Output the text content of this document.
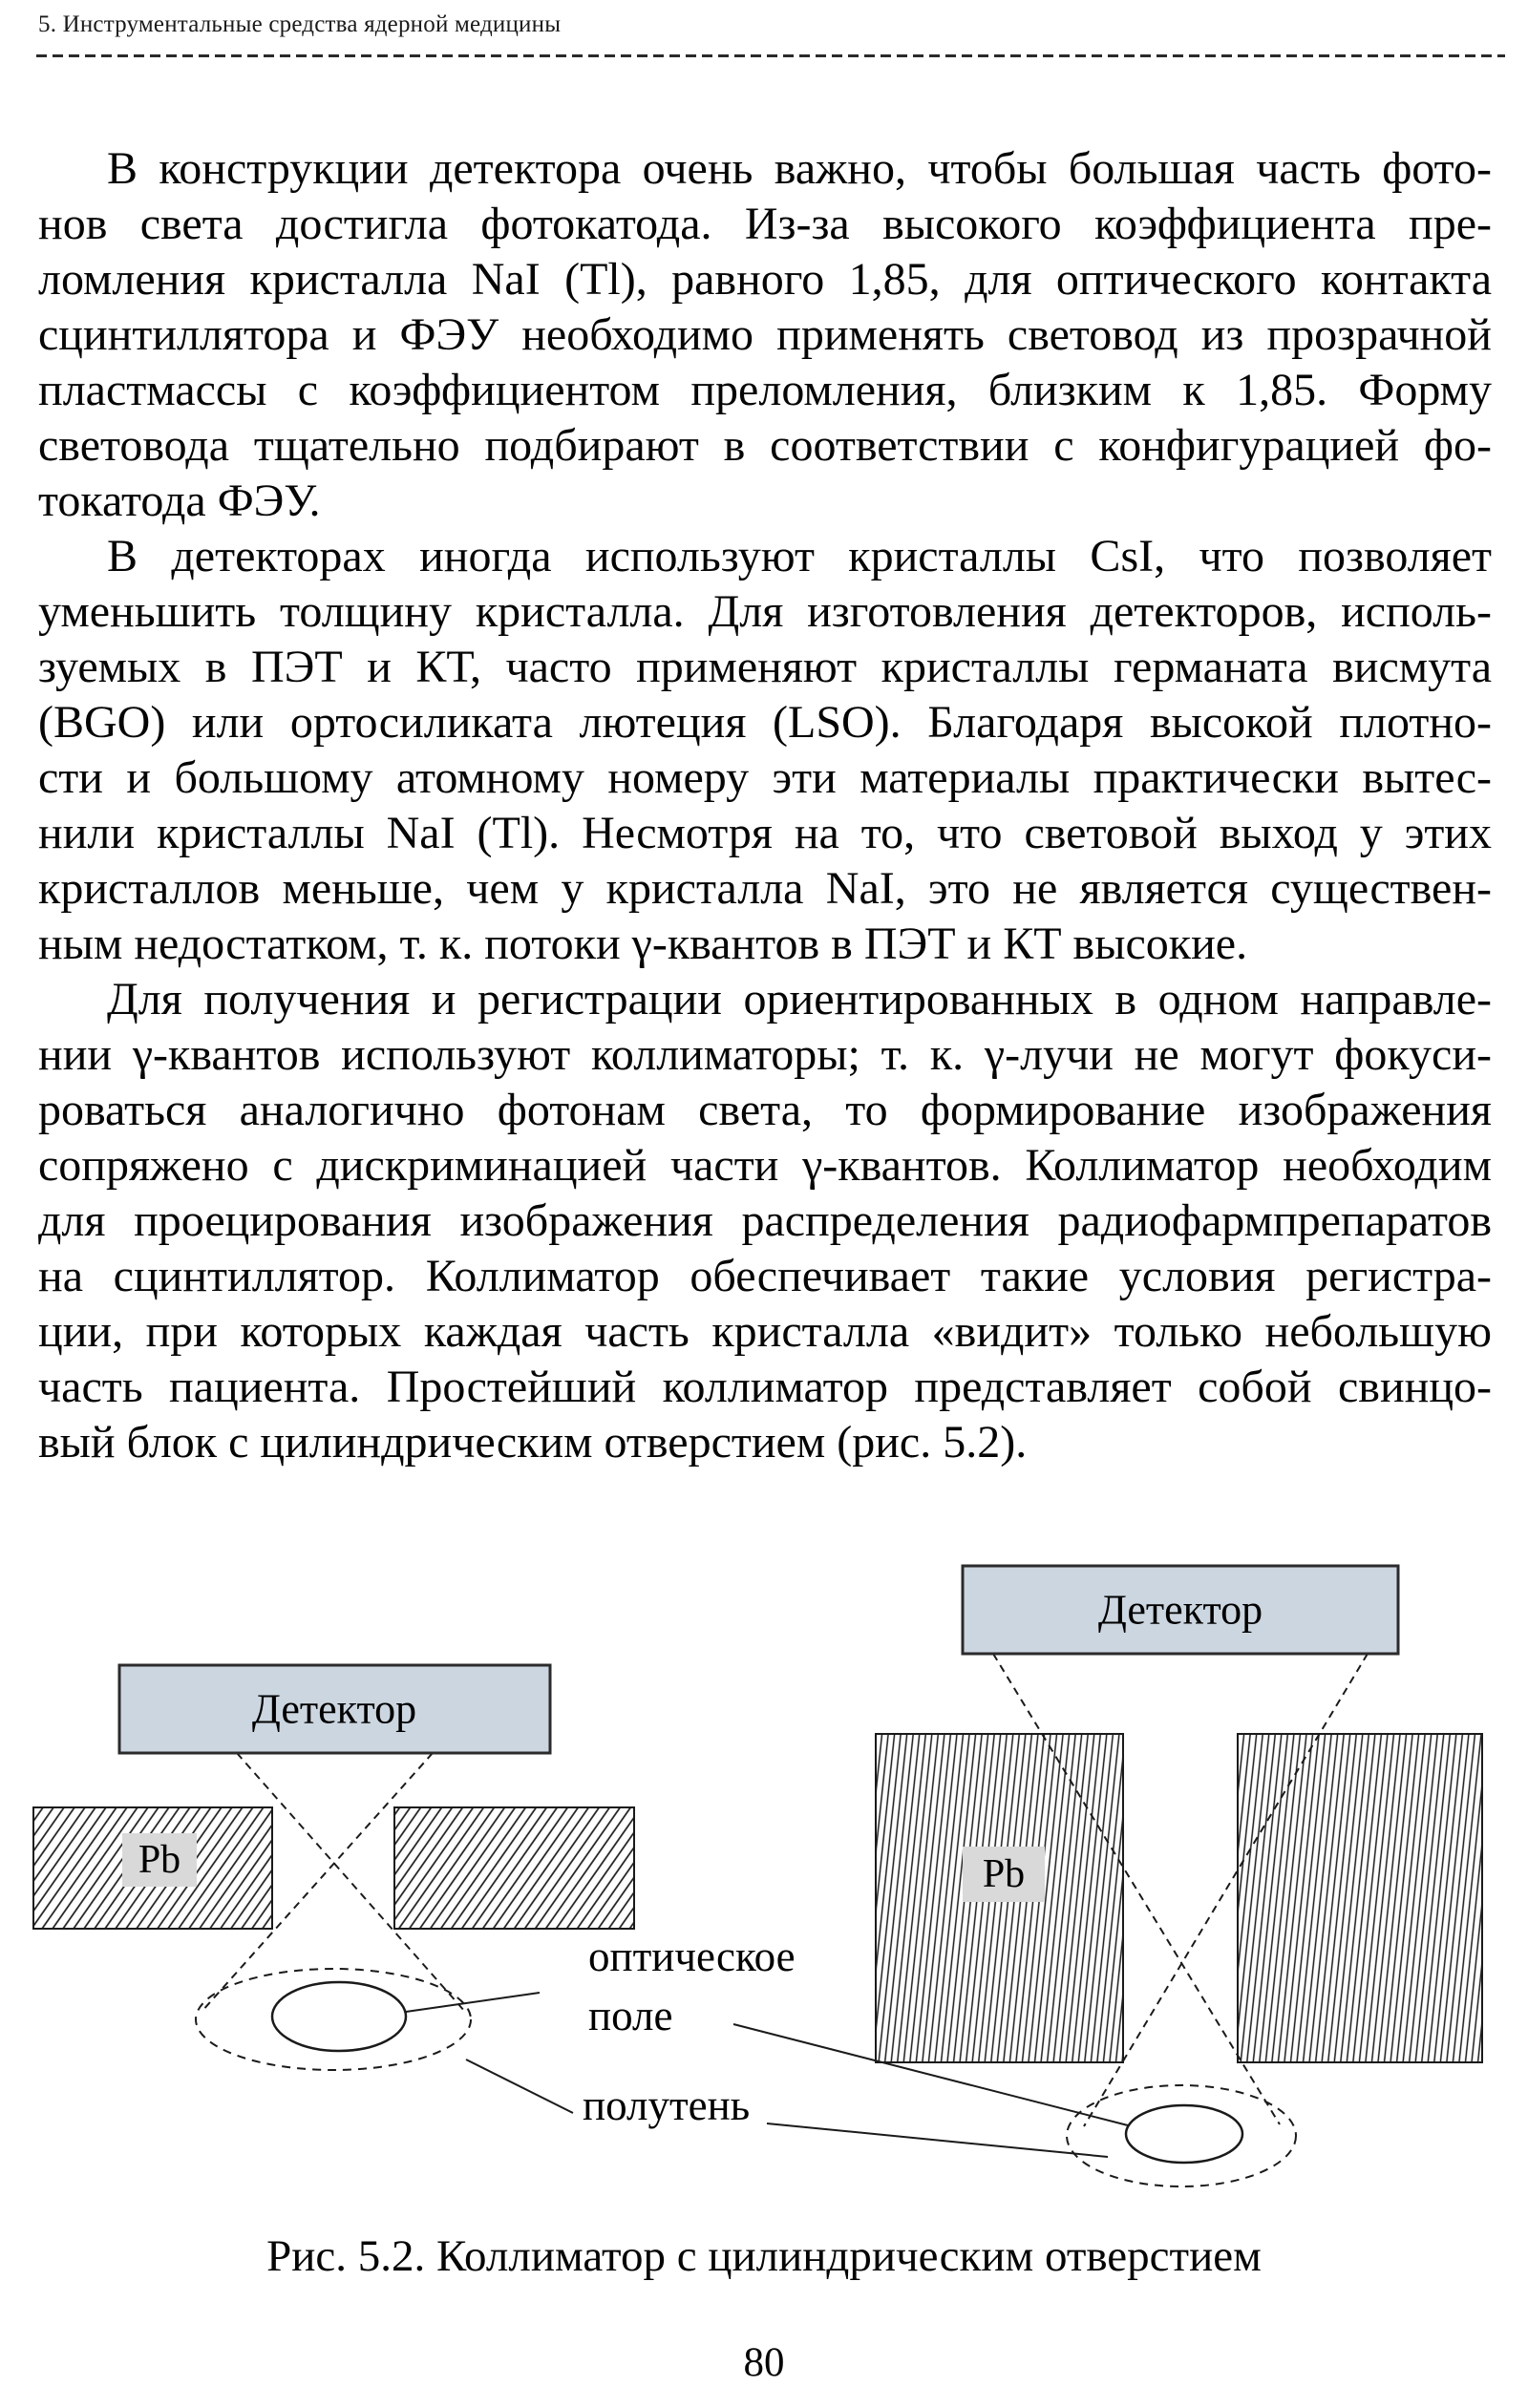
5. Инструментальные средства ядерной медицины
В конструкции детектора очень важно, чтобы большая часть фото-
нов света достигла фотокатода. Из-за высокого коэффициента пре-
ломления кристалла NaI (Tl), равного 1,85, для оптического контакта
сцинтиллятора и ФЭУ необходимо применять световод из прозрачной
пластмассы с коэффициентом преломления, близким к 1,85. Форму
световода тщательно подбирают в соответствии с конфигурацией фо-
токатода ФЭУ.
В детекторах иногда используют кристаллы CsI, что позволяет
уменьшить толщину кристалла. Для изготовления детекторов, исполь-
зуемых в ПЭТ и КТ, часто применяют кристаллы германата висмута
(BGO) или ортосиликата лютеция (LSO). Благодаря высокой плотно-
сти и большому атомному номеру эти материалы практически вытес-
нили кристаллы NaI (Tl). Несмотря на то, что световой выход у этих
кристаллов меньше, чем у кристалла NaI, это не является существен-
ным недостатком, т. к. потоки γ-квантов в ПЭТ и КТ высокие.
Для получения и регистрации ориентированных в одном направле-
нии γ-квантов используют коллиматоры; т. к. γ-лучи не могут фокуси-
роваться аналогично фотонам света, то формирование изображения
сопряжено с дискриминацией части γ-квантов. Коллиматор необходим
для проецирования изображения распределения радиофармпрепаратов
на сцинтиллятор. Коллиматор обеспечивает такие условия регистра-
ции, при которых каждая часть кристалла «видит» только небольшую
часть пациента. Простейший коллиматор представляет собой свинцо-
вый блок с цилиндрическим отверстием (рис. 5.2).
Детектор
Pb
Детектор
Pb
оптическое
поле
полутень
Рис. 5.2. Коллиматор с цилиндрическим отверстием
80
